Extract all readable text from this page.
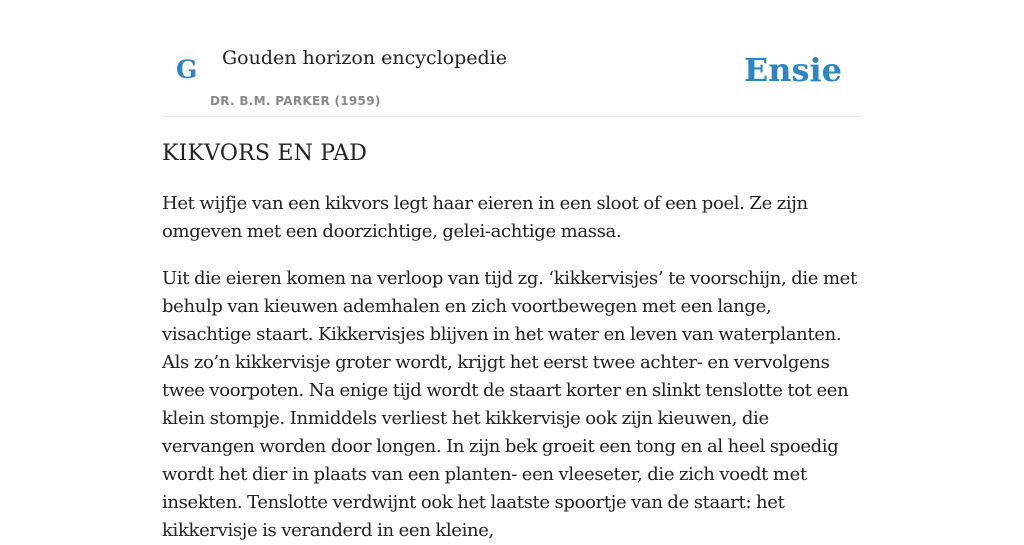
G Gouden horizon encyclopedie
DR. B.M. PARKER (1959)
Ensie
KIKVORS EN PAD

Het wijfje van een kikvors legt haar eieren in een sloot of een poel. Ze zijn omgeven met een doorzichtige, gelei-achtige massa.

Uit die eieren komen na verloop van tijd zg. ‘kikkervisjes’ te voorschijn, die met behulp van kieuwen ademhalen en zich voortbewegen met een lange, visachtige staart. Kikkervisjes blijven in het water en leven van waterplanten. Als zo’n kikkervisje groter wordt, krijgt het eerst twee achter- en vervolgens twee voorpoten. Na enige tijd wordt de staart korter en slinkt tenslotte tot een klein stompje. Inmiddels verliest het kikkervisje ook zijn kieuwen, die vervangen worden door longen. In zijn bek groeit een tong en al heel spoedig wordt het dier in plaats van een planten- een vleeseter, die zich voedt met insekten. Tenslotte verdwijnt ook het laatste spoortje van de staart: het kikkervisje is veranderd in een kleine,
